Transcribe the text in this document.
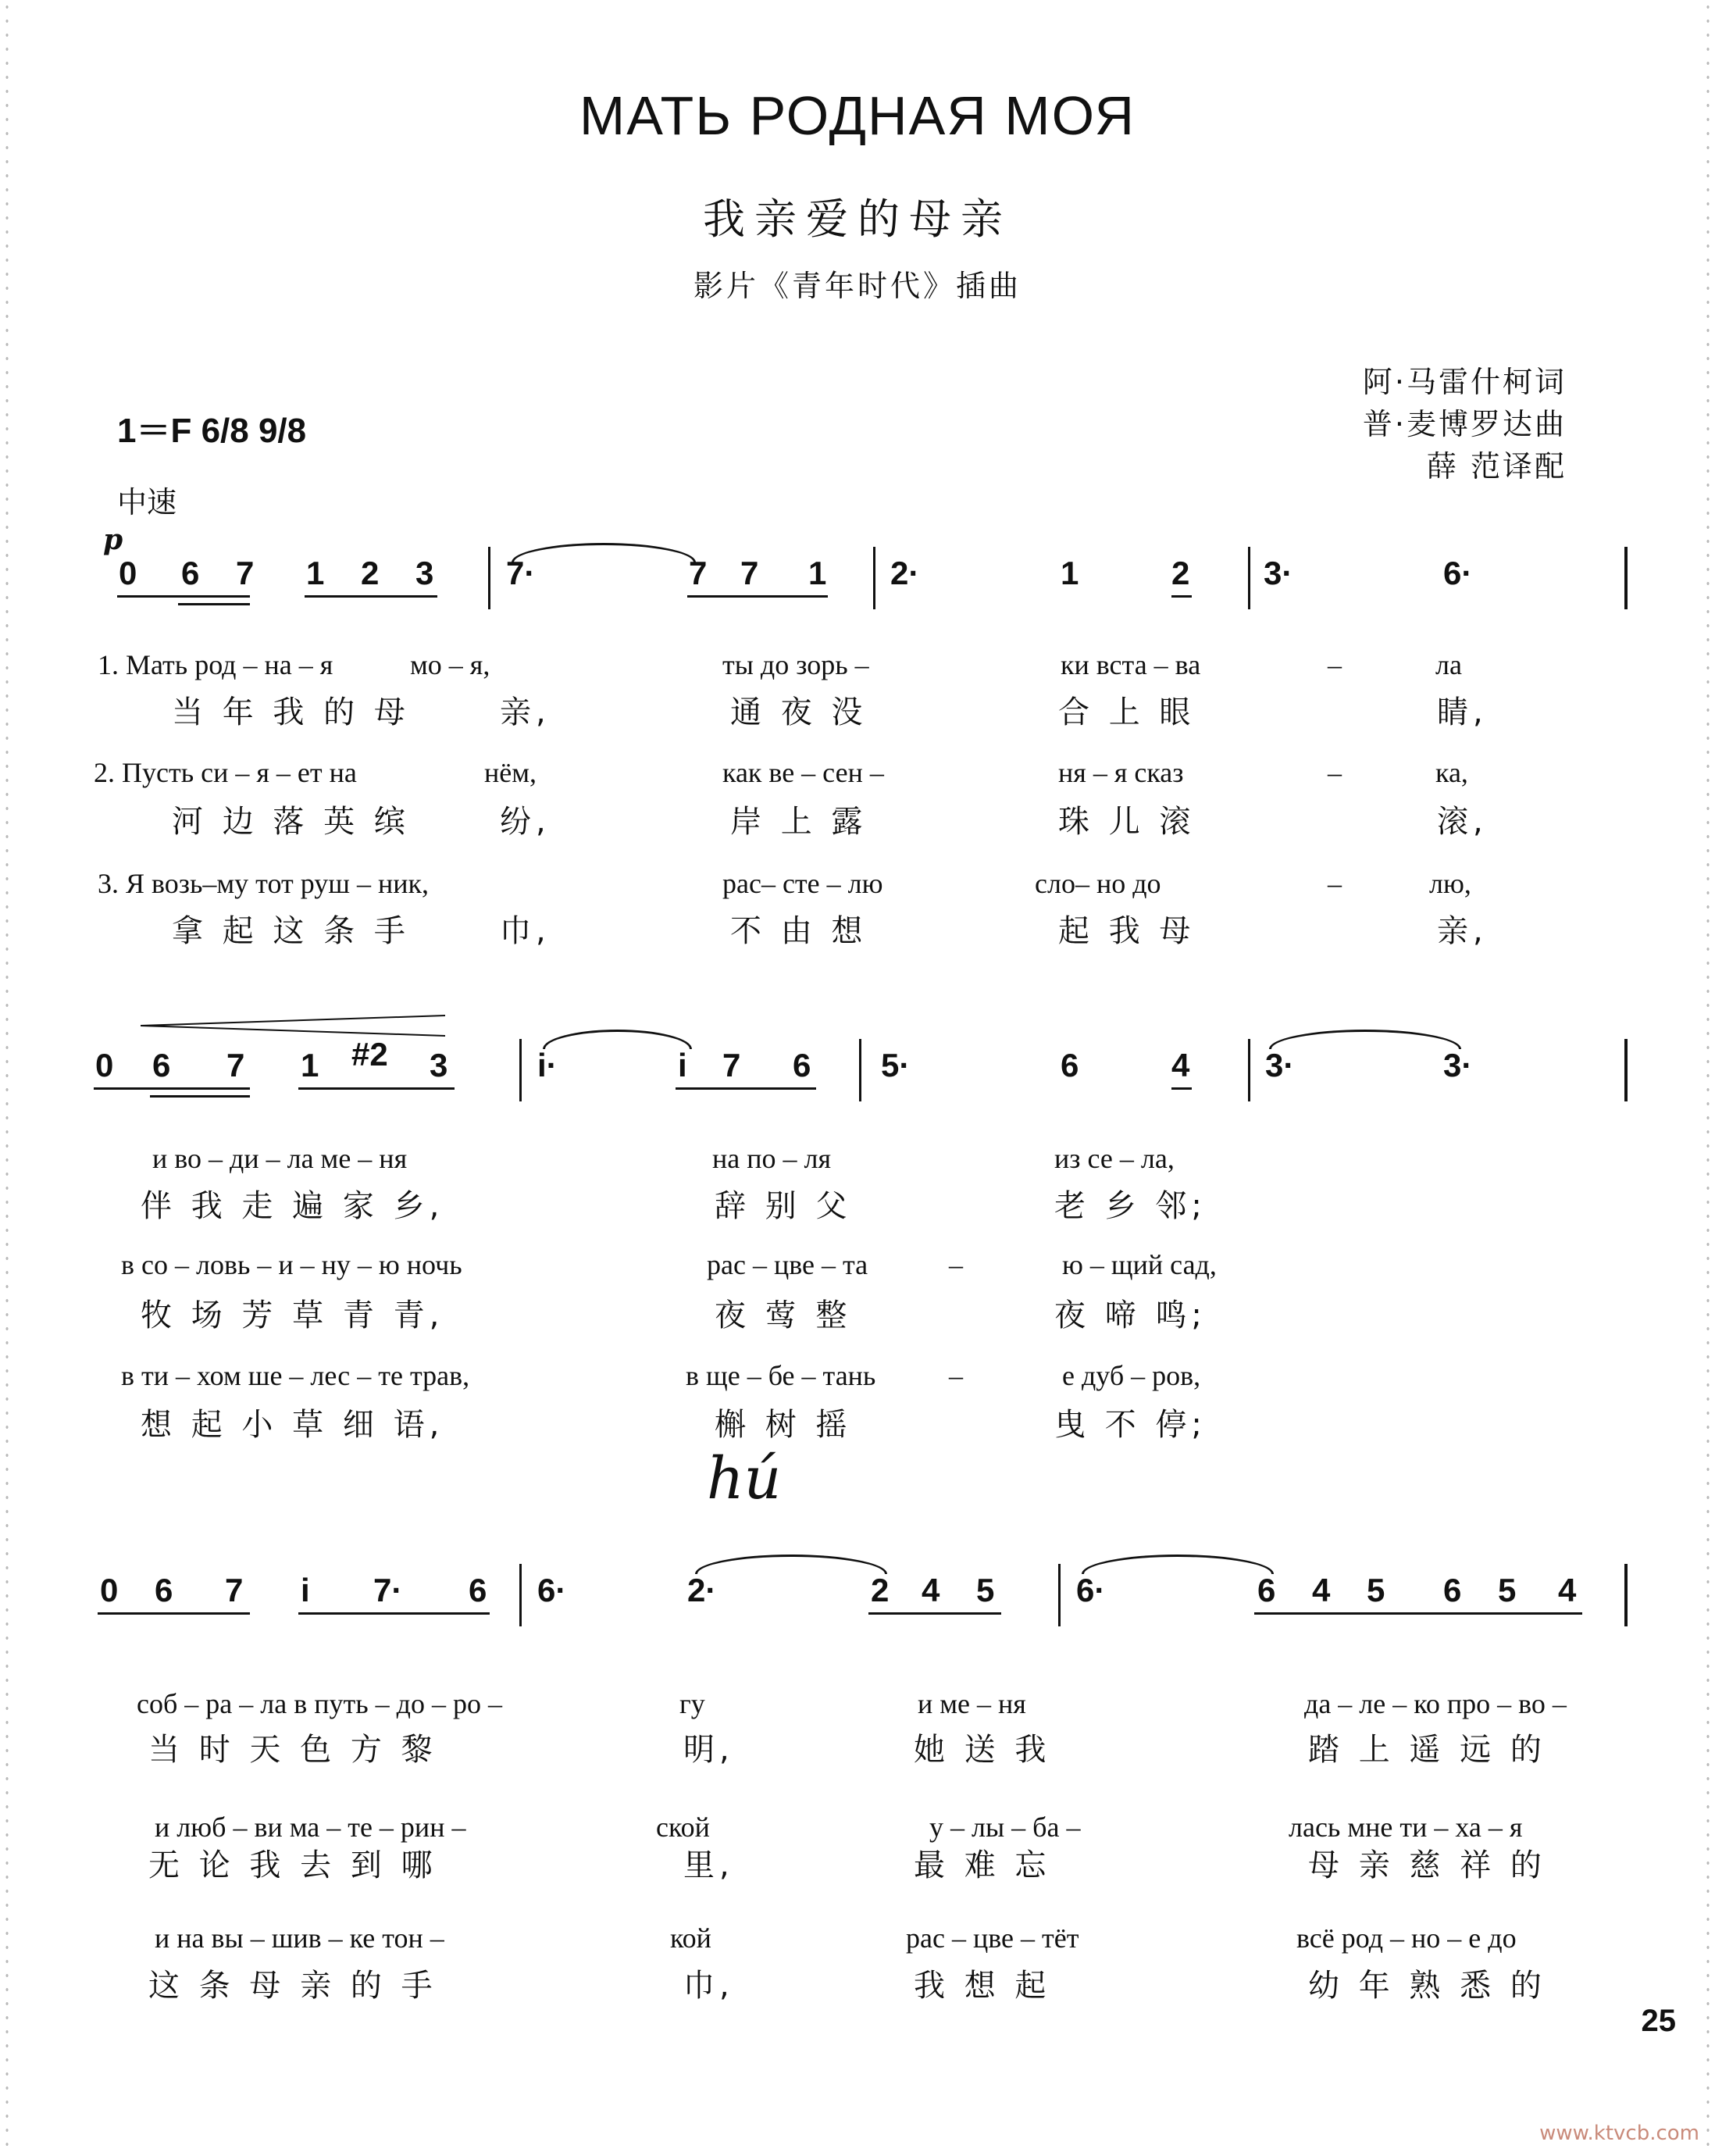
МАТЬ РОДНАЯ МОЯ
我亲爱的母亲
影片《青年时代》插曲
阿·马雷什柯词
普·麦博罗达曲
薛 范译配
1＝F 6/8 9/8
中速
p
0 6 7 1 2 3 7·	7 7 1 2·	1	2 3·	6·
1. Мать род – на – я	мо – я,	ты до зорь –	ки вста – ва	–	ла
当 年 我 的 母	亲,	通 夜 没	合 上 眼	睛,
2. Пусть си – я – ет на	нём,	как ве – сен –	ня – я сказ	–	ка,
河 边 落 英 缤	纷,	岸 上 露	珠 儿 滚	滚,
3. Я возь–му тот руш – ник,	рас– сте – лю	сло– но до	–	лю,
拿 起 这 条 手	巾,	不 由 想	起 我 母	亲,
0 6 7 1 #2 3	i·	i 7 6 5·	6	4 3·	3·
и во – ди – ла ме – ня	на по – ля	из се – ла,
伴 我 走 遍 家 乡,	辞 别 父	老 乡 邻;
в со – ловь – и – ну – ю ночь	рас – цве – та	–	ю – щий сад,
牧 场 芳 草 青 青,	夜 莺 整	夜 啼 鸣;
в ти – хом ше – лес – те трав,	в ще – бе – тань	–	е дуб – ров,
想 起 小 草 细 语,	槲 树 摇	曳 不 停;
hú
0 6 7 i 7· 6 6·	2·	2 4 5 6·	6 4 5 6 5 4
соб – ра – ла в путь – до – ро –	гу	и ме – ня	да – ле – ко про – во –
当 时 天 色 方 黎	明,	她 送 我	踏 上 遥 远 的
и люб – ви ма – те – рин –	ской	у – лы – ба –	лась мне ти – ха – я
无 论 我 去 到 哪	里,	最 难 忘	母 亲 慈 祥 的
и на вы – шив – ке тон –	кой	рас – цве – тёт	всё род – но – е до
这 条 母 亲 的 手	巾,	我 想 起	幼 年 熟 悉 的
25
www.ktvcb.com
